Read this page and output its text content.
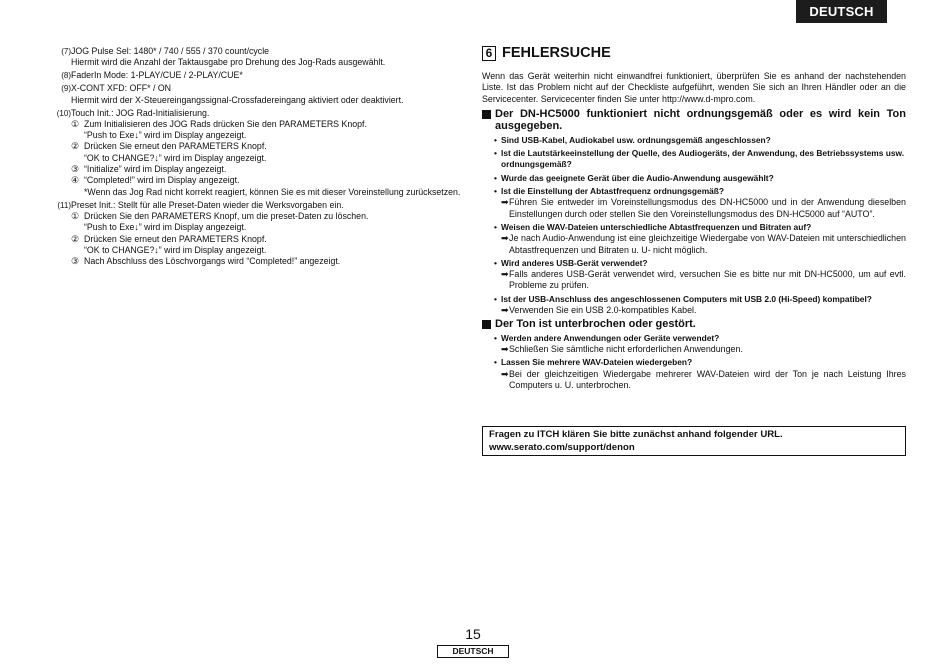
DEUTSCH
(7) JOG Pulse Sel: 1480* / 740 / 555 / 370 count/cycle
Hiermit wird die Anzahl der Taktausgabe pro Drehung des Jog-Rads ausgewählt.
(8) FaderIn Mode: 1-PLAY/CUE / 2-PLAY/CUE*
(9) X-CONT XFD: OFF* / ON
Hiermit wird der X-Steuereingangssignal-Crossfadereingang aktiviert oder deaktiviert.
(10) Touch Init.: JOG Rad-Initialisierung.
① Zum Initialisieren des JOG Rads drücken Sie den PARAMETERS Knopf.
“Push to Exe↓” wird im Display angezeigt.
② Drücken Sie erneut den PARAMETERS Knopf.
“OK to CHANGE?↓” wird im Display angezeigt.
③ “Initialize” wird im Display angezeigt.
④ “Completed!” wird im Display angezeigt.
*Wenn das Jog Rad nicht korrekt reagiert, können Sie es mit dieser Voreinstellung zurücksetzen.
(11) Preset Init.: Stellt für alle Preset-Daten wieder die Werksvorgaben ein.
① Drücken Sie den PARAMETERS Knopf, um die preset-Daten zu löschen.
“Push to Exe↓” wird im Display angezeigt.
② Drücken Sie erneut den PARAMETERS Knopf.
“OK to CHANGE?↓” wird im Display angezeigt.
③ Nach Abschluss des Löschvorgangs wird “Completed!” angezeigt.
6 FEHLERSUCHE
Wenn das Gerät weiterhin nicht einwandfrei funktioniert, überprüfen Sie es anhand der nachstehenden Liste. Ist das Problem nicht auf der Checkliste aufgeführt, wenden Sie sich an Ihren Händler oder an die Servicecenter. Servicecenter finden Sie unter http://www.d-mpro.com.
Der DN-HC5000 funktioniert nicht ordnungsgemäß oder es wird kein Ton ausgegeben.
• Sind USB-Kabel, Audiokabel usw. ordnungsgemäß angeschlossen?
• Ist die Lautstärkeeinstellung der Quelle, des Audiogeräts, der Anwendung, des Betriebssystems usw. ordnungsgemäß?
• Wurde das geeignete Gerät über die Audio-Anwendung ausgewählt?
• Ist die Einstellung der Abtastfrequenz ordnungsgemäß?
➡ Führen Sie entweder im Voreinstellungsmodus des DN-HC5000 und in der Anwendung dieselben Einstellungen durch oder stellen Sie den Voreinstellungsmodus des DN-HC5000 auf “AUTO”.
• Weisen die WAV-Dateien unterschiedliche Abtastfrequenzen und Bitraten auf?
➡ Je nach Audio-Anwendung ist eine gleichzeitige Wiedergabe von WAV-Dateien mit unterschiedlichen Abtastfrequenzen und Bitraten u. U- nicht möglich.
• Wird anderes USB-Gerät verwendet?
➡ Falls anderes USB-Gerät verwendet wird, versuchen Sie es bitte nur mit DN-HC5000, um auf evtl. Probleme zu prüfen.
• Ist der USB-Anschluss des angeschlossenen Computers mit USB 2.0 (Hi-Speed) kompatibel?
➡ Verwenden Sie ein USB 2.0-kompatibles Kabel.
Der Ton ist unterbrochen oder gestört.
• Werden andere Anwendungen oder Geräte verwendet?
➡ Schließen Sie sämtliche nicht erforderlichen Anwendungen.
• Lassen Sie mehrere WAV-Dateien wiedergeben?
➡ Bei der gleichzeitigen Wiedergabe mehrerer WAV-Dateien wird der Ton je nach Leistung Ihres Computers u. U. unterbrochen.
Fragen zu ITCH klären Sie bitte zunächst anhand folgender URL.
www.serato.com/support/denon
15
DEUTSCH
